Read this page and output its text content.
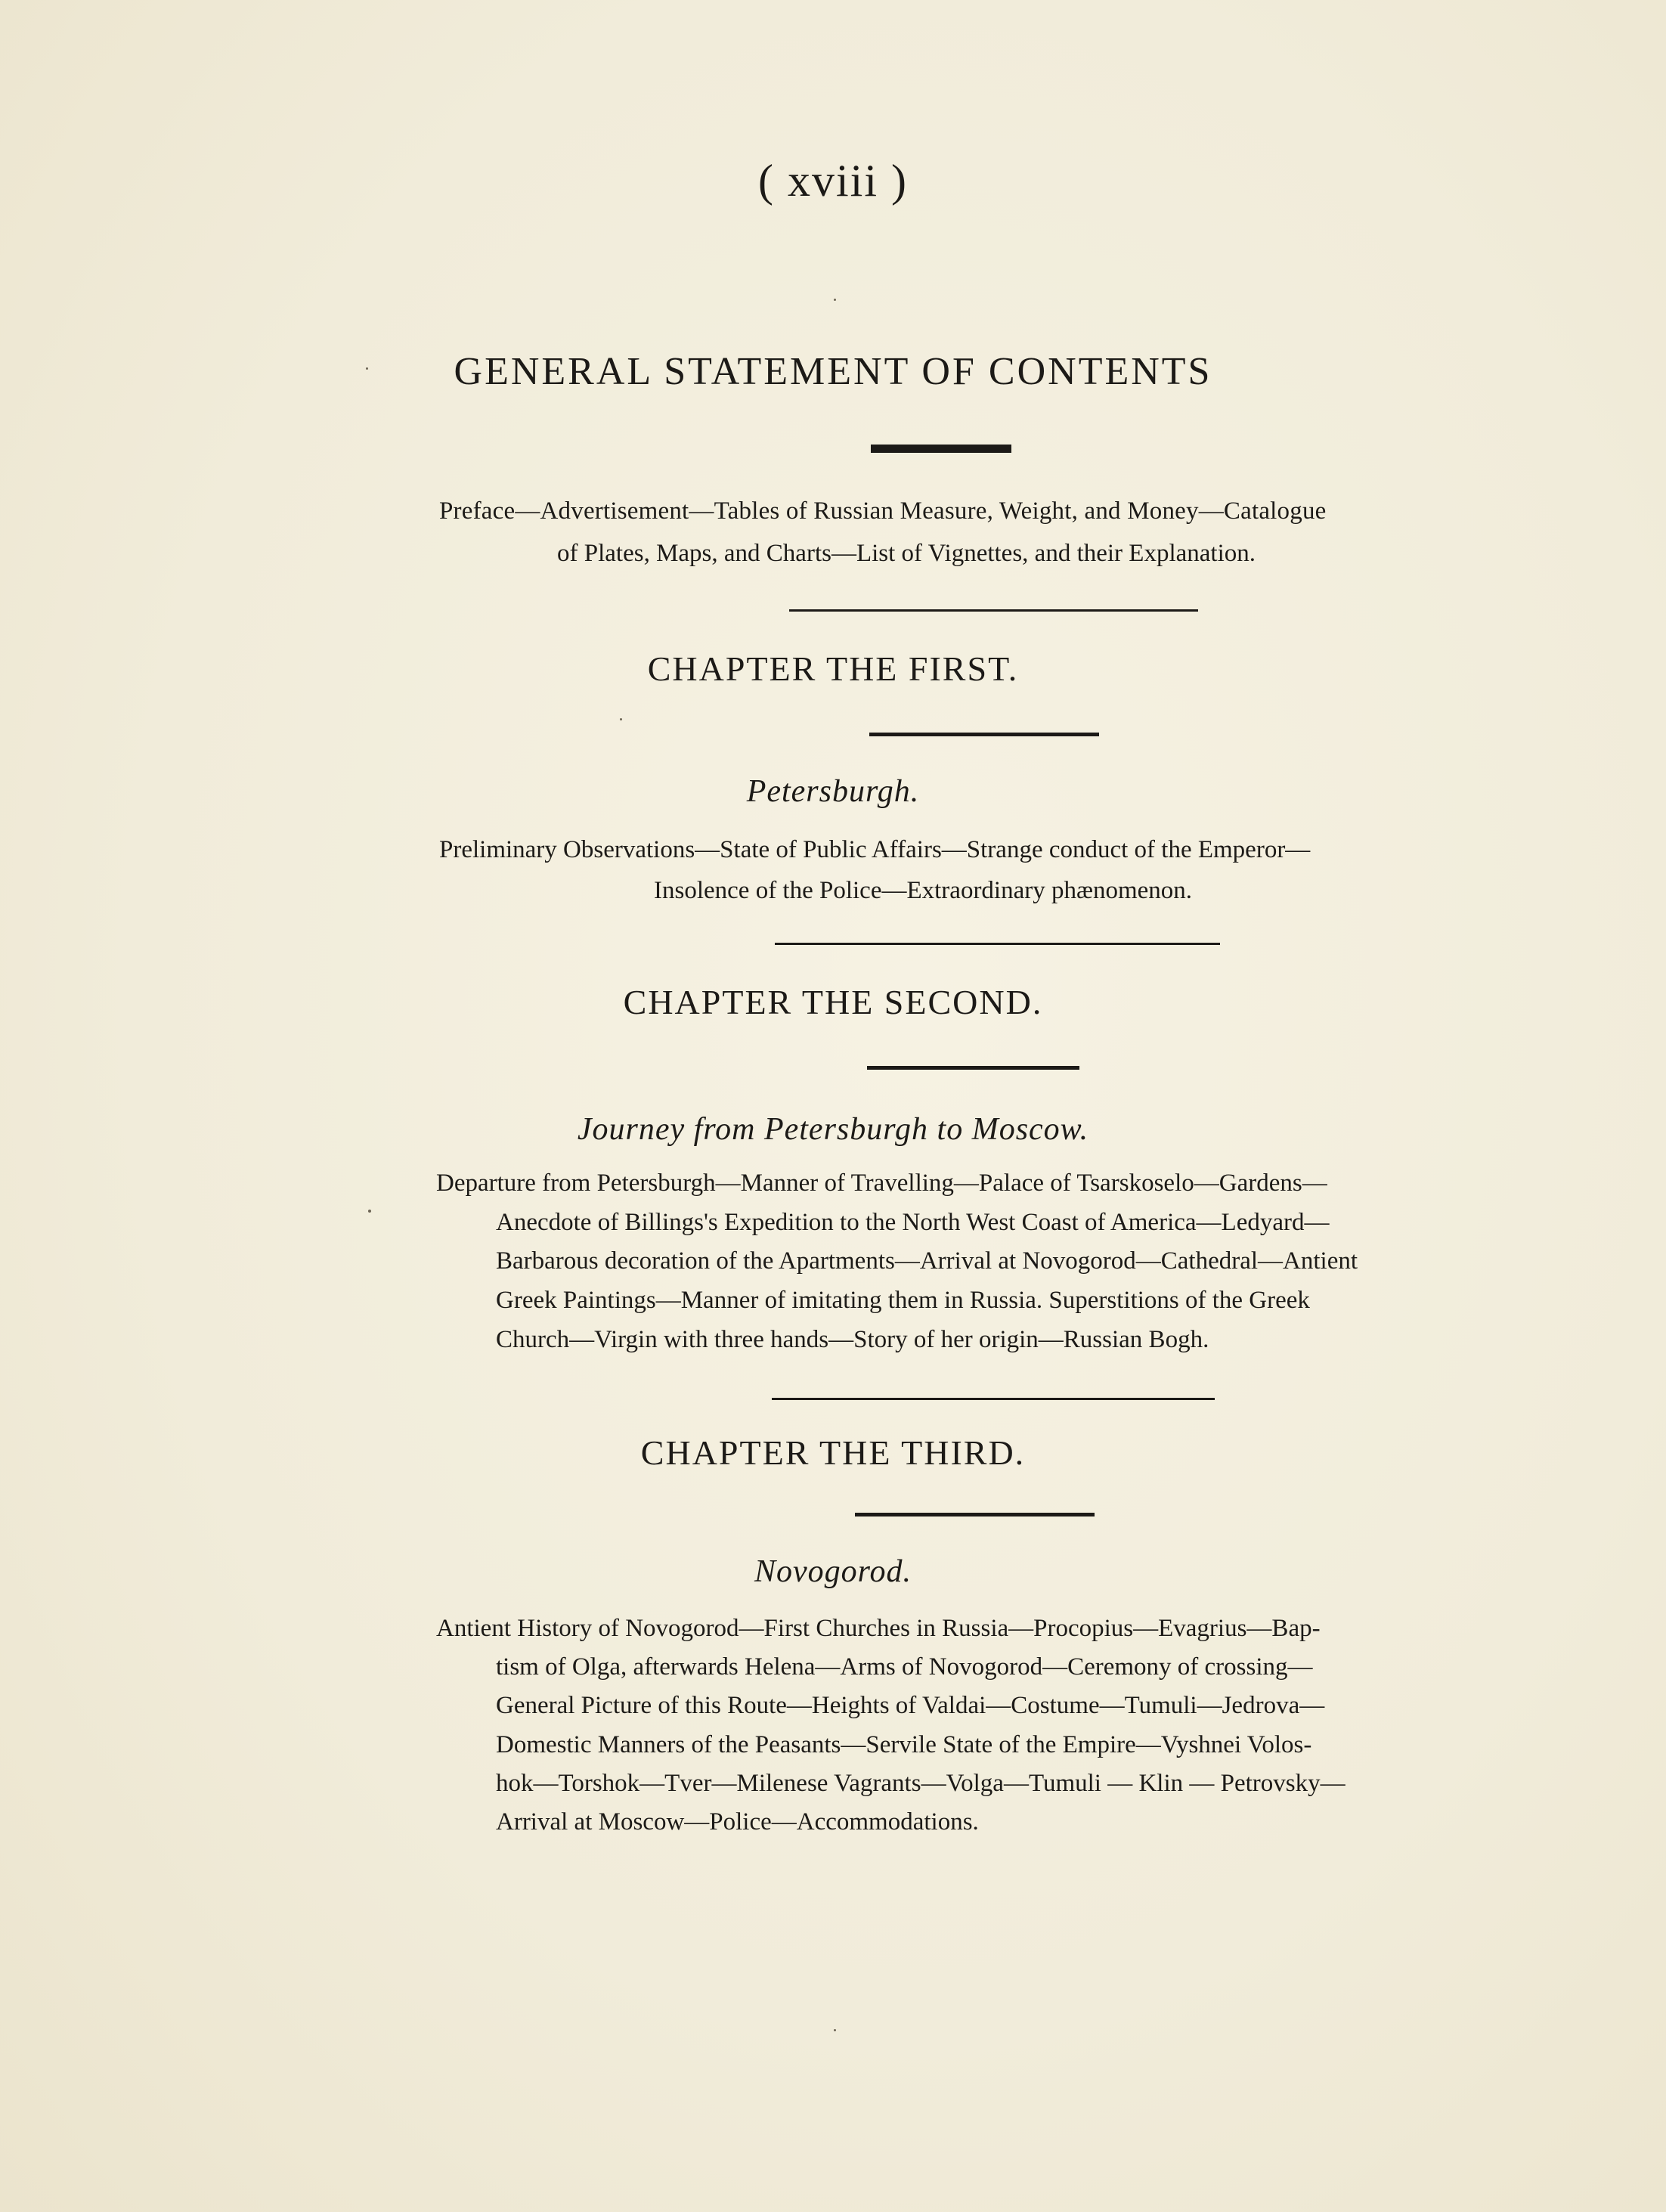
( xviii )
GENERAL STATEMENT OF CONTENTS
Preface—Advertisement—Tables of Russian Measure, Weight, and Money—Catalogue
of Plates, Maps, and Charts—List of Vignettes, and their Explanation.
CHAPTER THE FIRST.
Petersburgh.
Preliminary Observations—State of Public Affairs—Strange conduct of the Emperor—
Insolence of the Police—Extraordinary phænomenon.
CHAPTER THE SECOND.
Journey from Petersburgh to Moscow.
Departure from Petersburgh—Manner of Travelling—Palace of Tsarskoselo—Gardens—
Anecdote of Billings's Expedition to the North West Coast of America—Ledyard—
Barbarous decoration of the Apartments—Arrival at Novogorod—Cathedral—Antient
Greek Paintings—Manner of imitating them in Russia. Superstitions of the Greek
Church—Virgin with three hands—Story of her origin—Russian Bogh.
CHAPTER THE THIRD.
Novogorod.
Antient History of Novogorod—First Churches in Russia—Procopius—Evagrius—Bap-
tism of Olga, afterwards Helena—Arms of Novogorod—Ceremony of crossing—
General Picture of this Route—Heights of Valdai—Costume—Tumuli—Jedrova—
Domestic Manners of the Peasants—Servile State of the Empire—Vyshnei Volos-
hok—Torshok—Tver—Milenese Vagrants—Volga—Tumuli — Klin — Petrovsky—
Arrival at Moscow—Police—Accommodations.
